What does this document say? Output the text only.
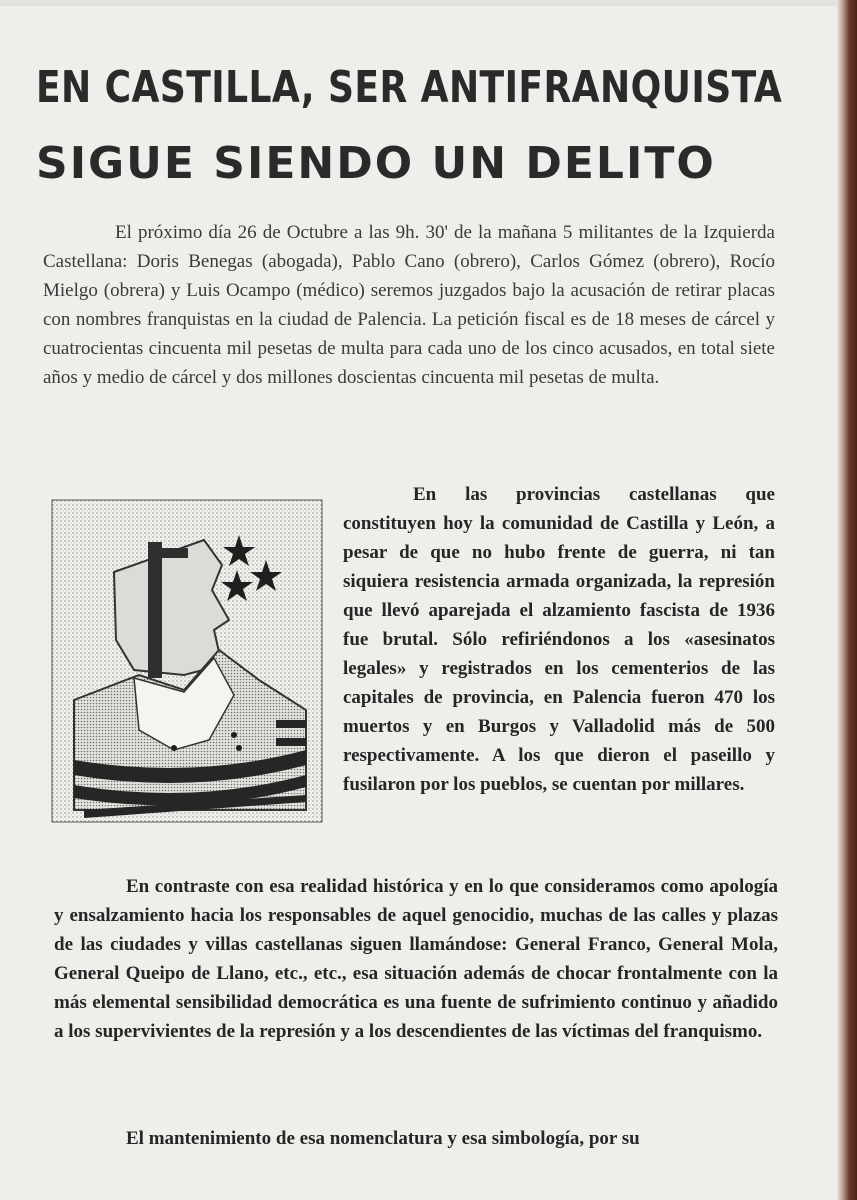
EN CASTILLA, SER ANTIFRANQUISTA
SIGUE SIENDO UN DELITO

El próximo día 26 de Octubre a las 9h. 30' de la mañana 5 militantes de la Izquierda Castellana: Doris Benegas (abogada), Pablo Cano (obrero), Carlos Gómez (obrero), Rocío Mielgo (obrera) y Luis Ocampo (médico) seremos juzgados bajo la acusación de retirar placas con nombres franquistas en la ciudad de Palencia. La petición fiscal es de 18 meses de cárcel y cuatrocientas cincuenta mil pesetas de multa para cada uno de los cinco acusados, en total siete años y medio de cárcel y dos millones doscientas cincuenta mil pesetas de multa.

En las provincias castellanas que constituyen hoy la comunidad de Castilla y León, a pesar de que no hubo frente de guerra, ni tan siquiera resistencia armada organizada, la represión que llevó aparejada el alzamiento fascista de 1936 fue brutal. Sólo refiriéndonos a los «asesinatos legales» y registrados en los cementerios de las capitales de provincia, en Palencia fueron 470 los muertos y en Burgos y Valladolid más de 500 respectivamente. A los que dieron el paseillo y fusilaron por los pueblos, se cuentan por millares.

En contraste con esa realidad histórica y en lo que consideramos como apología y ensalzamiento hacia los responsables de aquel genocidio, muchas de las calles y plazas de las ciudades y villas castellanas siguen llamándose: General Franco, General Mola, General Queipo de Llano, etc., etc., esa situación además de chocar frontalmente con la más elemental sensibilidad democrática es una fuente de sufrimiento continuo y añadido a los supervivientes de la represión y a los descendientes de las víctimas del franquismo.

El mantenimiento de esa nomenclatura y esa simbología, por su
